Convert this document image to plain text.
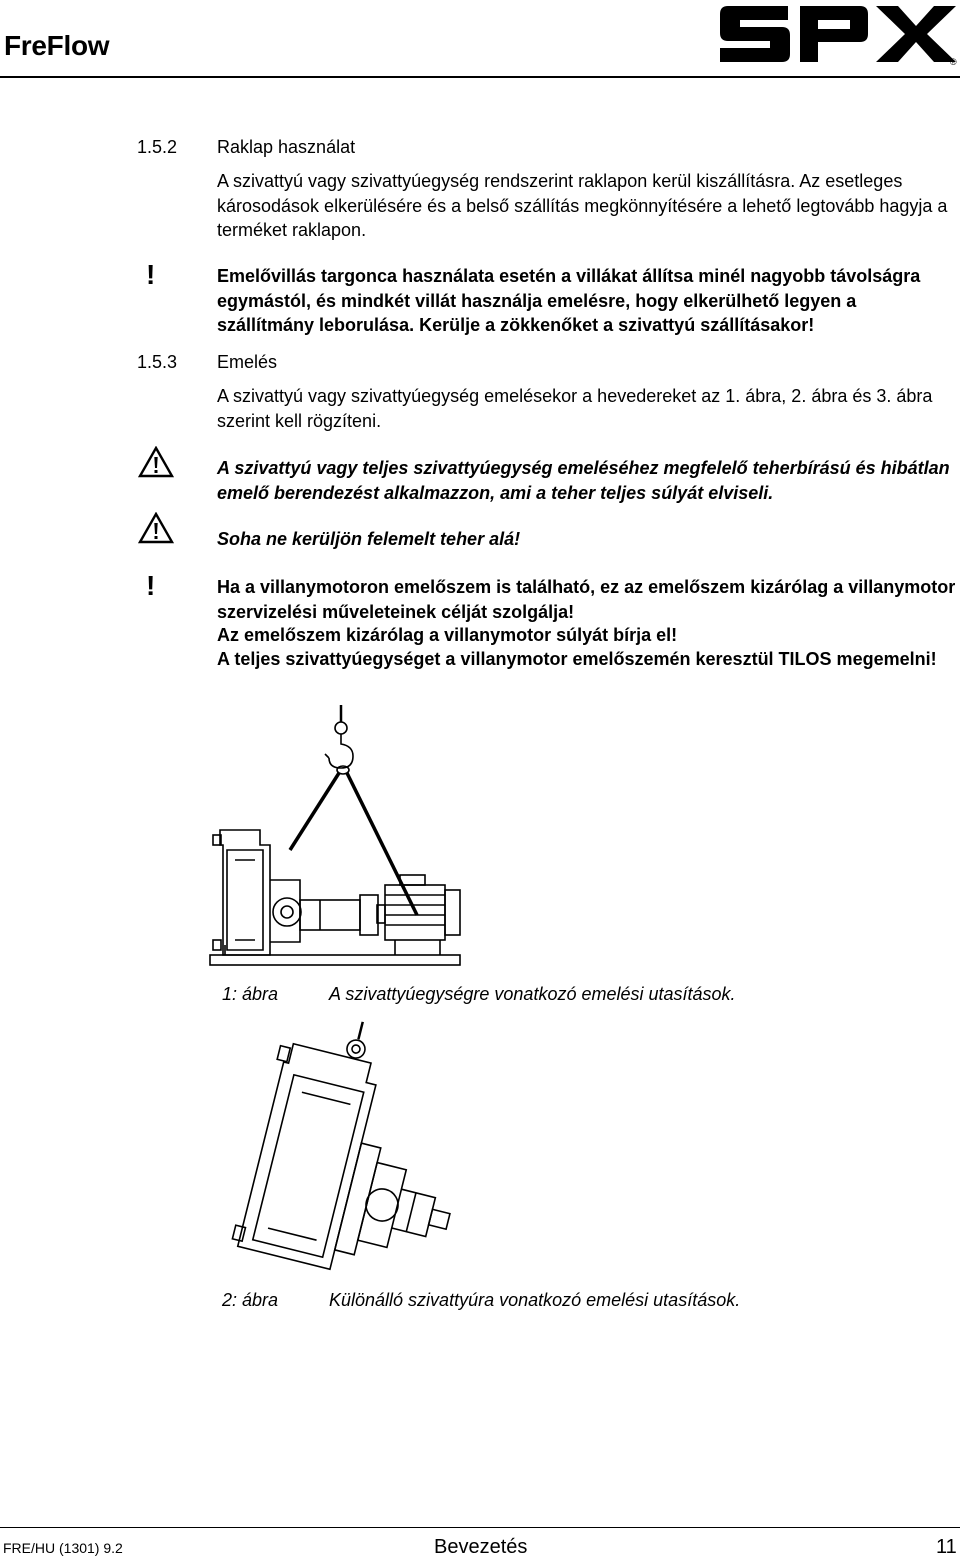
FreFlow
®
1.5.2 Raklap használat
A szivattyú vagy szivattyúegység rendszerint raklapon kerül kiszállításra. Az esetleges károsodások elkerülésére és a belső szállítás megkönnyítésére a lehető legtovább hagyja a terméket raklapon.
!	Emelővillás targonca használata esetén a villákat állítsa minél nagyobb távolságra egymástól, és mindkét villát használja emelésre, hogy elkerülhető legyen a szállítmány leborulása. Kerülje a zökkenőket a szivattyú szállításakor!
1.5.3 Emelés
A szivattyú vagy szivattyúegység emelésekor a hevedereket az 1. ábra, 2. ábra és 3. ábra szerint kell rögzíteni.
A szivattyú vagy teljes szivattyúegység emeléséhez megfelelő teherbírású és hibátlan emelő berendezést alkalmazzon, ami a teher teljes súlyát elviseli.
Soha ne kerüljön felemelt teher alá!
!	Ha a villanymotoron emelőszem is található, ez az emelőszem kizárólag a villanymotor szervizelési műveleteinek célját szolgálja!
Az emelőszem kizárólag a villanymotor súlyát bírja el!
A teljes szivattyúegységet a villanymotor emelőszemén keresztül TILOS megemelni!
1: ábra	A szivattyúegységre vonatkozó emelési utasítások.
2: ábra	Különálló szivattyúra vonatkozó emelési utasítások.
FRE/HU (1301) 9.2	Bevezetés	11
